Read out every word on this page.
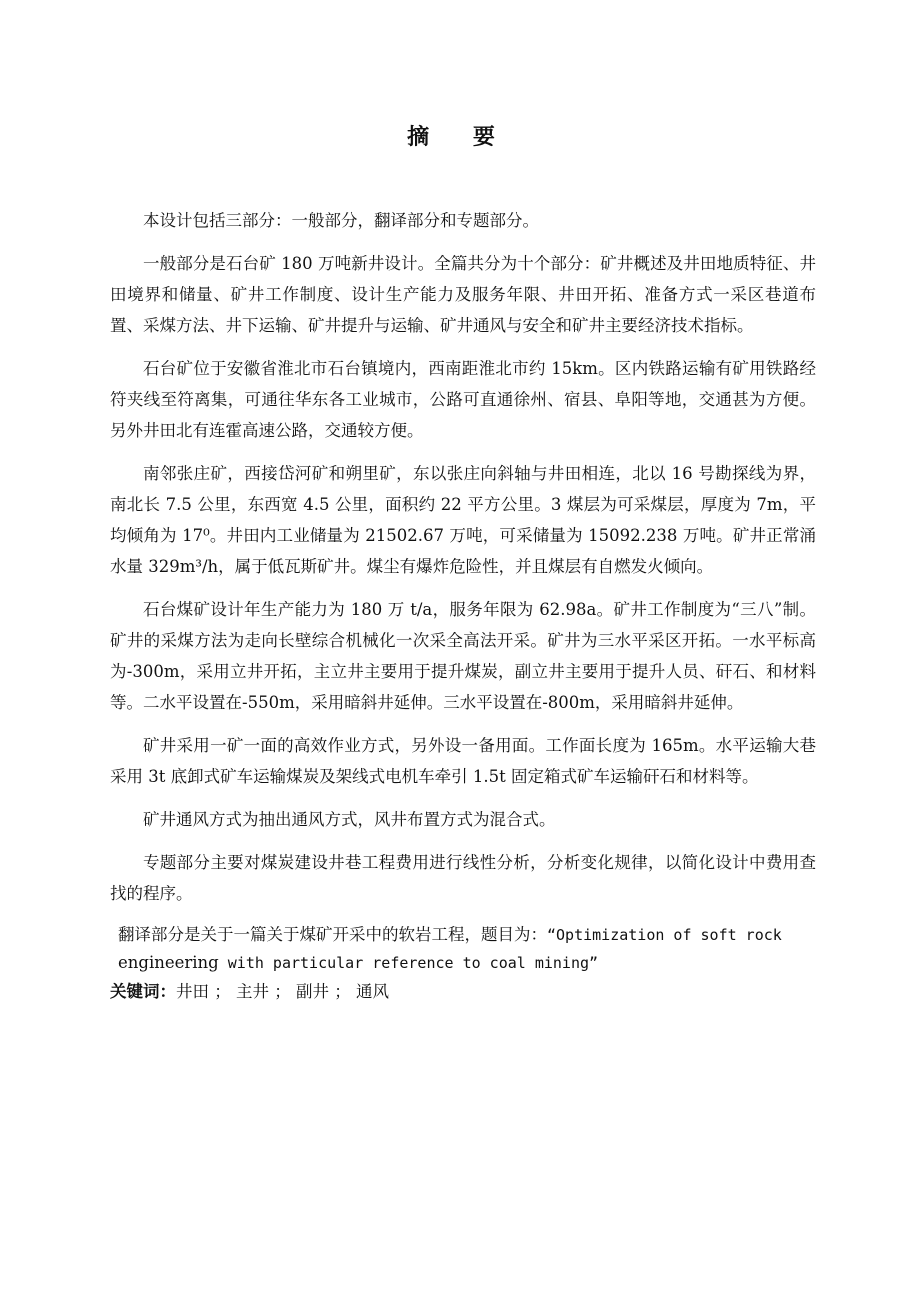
摘 要

本设计包括三部分：一般部分，翻译部分和专题部分。

一般部分是石台矿 180 万吨新井设计。全篇共分为十个部分：矿井概述及井田地质特征、井田境界和储量、矿井工作制度、设计生产能力及服务年限、井田开拓、准备方式一采区巷道布置、采煤方法、井下运输、矿井提升与运输、矿井通风与安全和矿井主要经济技术指标。

石台矿位于安徽省淮北市石台镇境内，西南距淮北市约 15km。区内铁路运输有矿用铁路经符夹线至符离集，可通往华东各工业城市，公路可直通徐州、宿县、阜阳等地，交通甚为方便。另外井田北有连霍高速公路，交通较方便。

南邻张庄矿，西接岱河矿和朔里矿，东以张庄向斜轴与井田相连，北以 16 号勘探线为界，南北长 7.5 公里，东西宽 4.5 公里，面积约 22 平方公里。3 煤层为可采煤层，厚度为 7m，平均倾角为 17⁰。井田内工业储量为 21502.67 万吨，可采储量为 15092.238 万吨。矿井正常涌水量 329m³/h，属于低瓦斯矿井。煤尘有爆炸危险性，并且煤层有自燃发火倾向。

石台煤矿设计年生产能力为 180 万 t/a，服务年限为 62.98a。矿井工作制度为“三八”制。矿井的采煤方法为走向长壁综合机械化一次采全高法开采。矿井为三水平采区开拓。一水平标高为-300m，采用立井开拓，主立井主要用于提升煤炭，副立井主要用于提升人员、矸石、和材料等。二水平设置在-550m，采用暗斜井延伸。三水平设置在-800m，采用暗斜井延伸。

矿井采用一矿一面的高效作业方式，另外设一备用面。工作面长度为 165m。水平运输大巷采用 3t 底卸式矿车运输煤炭及架线式电机车牵引 1.5t 固定箱式矿车运输矸石和材料等。

矿井通风方式为抽出通风方式，风井布置方式为混合式。

专题部分主要对煤炭建设井巷工程费用进行线性分析，分析变化规律，以简化设计中费用查找的程序。

翻译部分是关于一篇关于煤矿开采中的软岩工程，题目为：“Optimization of soft rock engineering with particular reference to coal mining”

关键词：井田 ； 主井 ； 副井 ； 通风
